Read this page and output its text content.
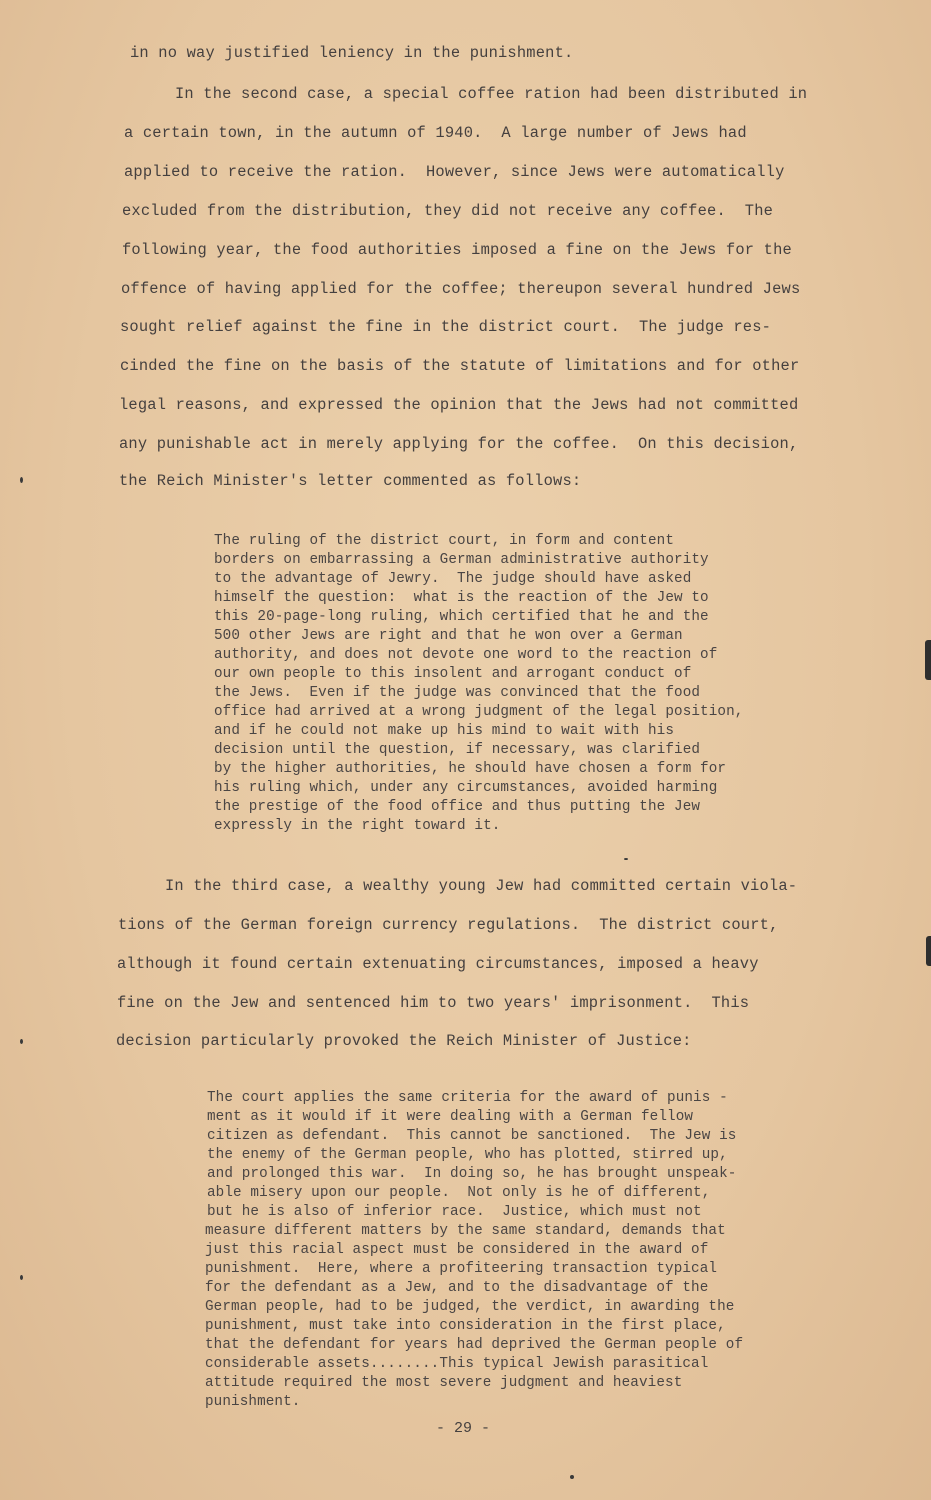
in no way justified leniency in the punishment.
In the second case, a special coffee ration had been distributed in
a certain town, in the autumn of 1940.  A large number of Jews had
applied to receive the ration.  However, since Jews were automatically
excluded from the distribution, they did not receive any coffee.  The
following year, the food authorities imposed a fine on the Jews for the
offence of having applied for the coffee; thereupon several hundred Jews
sought relief against the fine in the district court.  The judge res-
cinded the fine on the basis of the statute of limitations and for other
legal reasons, and expressed the opinion that the Jews had not committed
any punishable act in merely applying for the coffee.  On this decision,
the Reich Minister's letter commented as follows:
The ruling of the district court, in form and content
borders on embarrassing a German administrative authority
to the advantage of Jewry.  The judge should have asked
himself the question:  what is the reaction of the Jew to
this 20-page-long ruling, which certified that he and the
500 other Jews are right and that he won over a German
authority, and does not devote one word to the reaction of
our own people to this insolent and arrogant conduct of
the Jews.  Even if the judge was convinced that the food
office had arrived at a wrong judgment of the legal position,
and if he could not make up his mind to wait with his
decision until the question, if necessary, was clarified
by the higher authorities, he should have chosen a form for
his ruling which, under any circumstances, avoided harming
the prestige of the food office and thus putting the Jew
expressly in the right toward it.
In the third case, a wealthy young Jew had committed certain viola-
tions of the German foreign currency regulations.  The district court,
although it found certain extenuating circumstances, imposed a heavy
fine on the Jew and sentenced him to two years' imprisonment.  This
decision particularly provoked the Reich Minister of Justice:
The court applies the same criteria for the award of punis -
ment as it would if it were dealing with a German fellow
citizen as defendant.  This cannot be sanctioned.  The Jew is
the enemy of the German people, who has plotted, stirred up,
and prolonged this war.  In doing so, he has brought unspeak-
able misery upon our people.  Not only is he of different,
but he is also of inferior race.  Justice, which must not
measure different matters by the same standard, demands that
just this racial aspect must be considered in the award of
punishment.  Here, where a profiteering transaction typical
for the defendant as a Jew, and to the disadvantage of the
German people, had to be judged, the verdict, in awarding the
punishment, must take into consideration in the first place,
that the defendant for years had deprived the German people of
considerable assets........This typical Jewish parasitical
attitude required the most severe judgment and heaviest
punishment.
- 29 -
